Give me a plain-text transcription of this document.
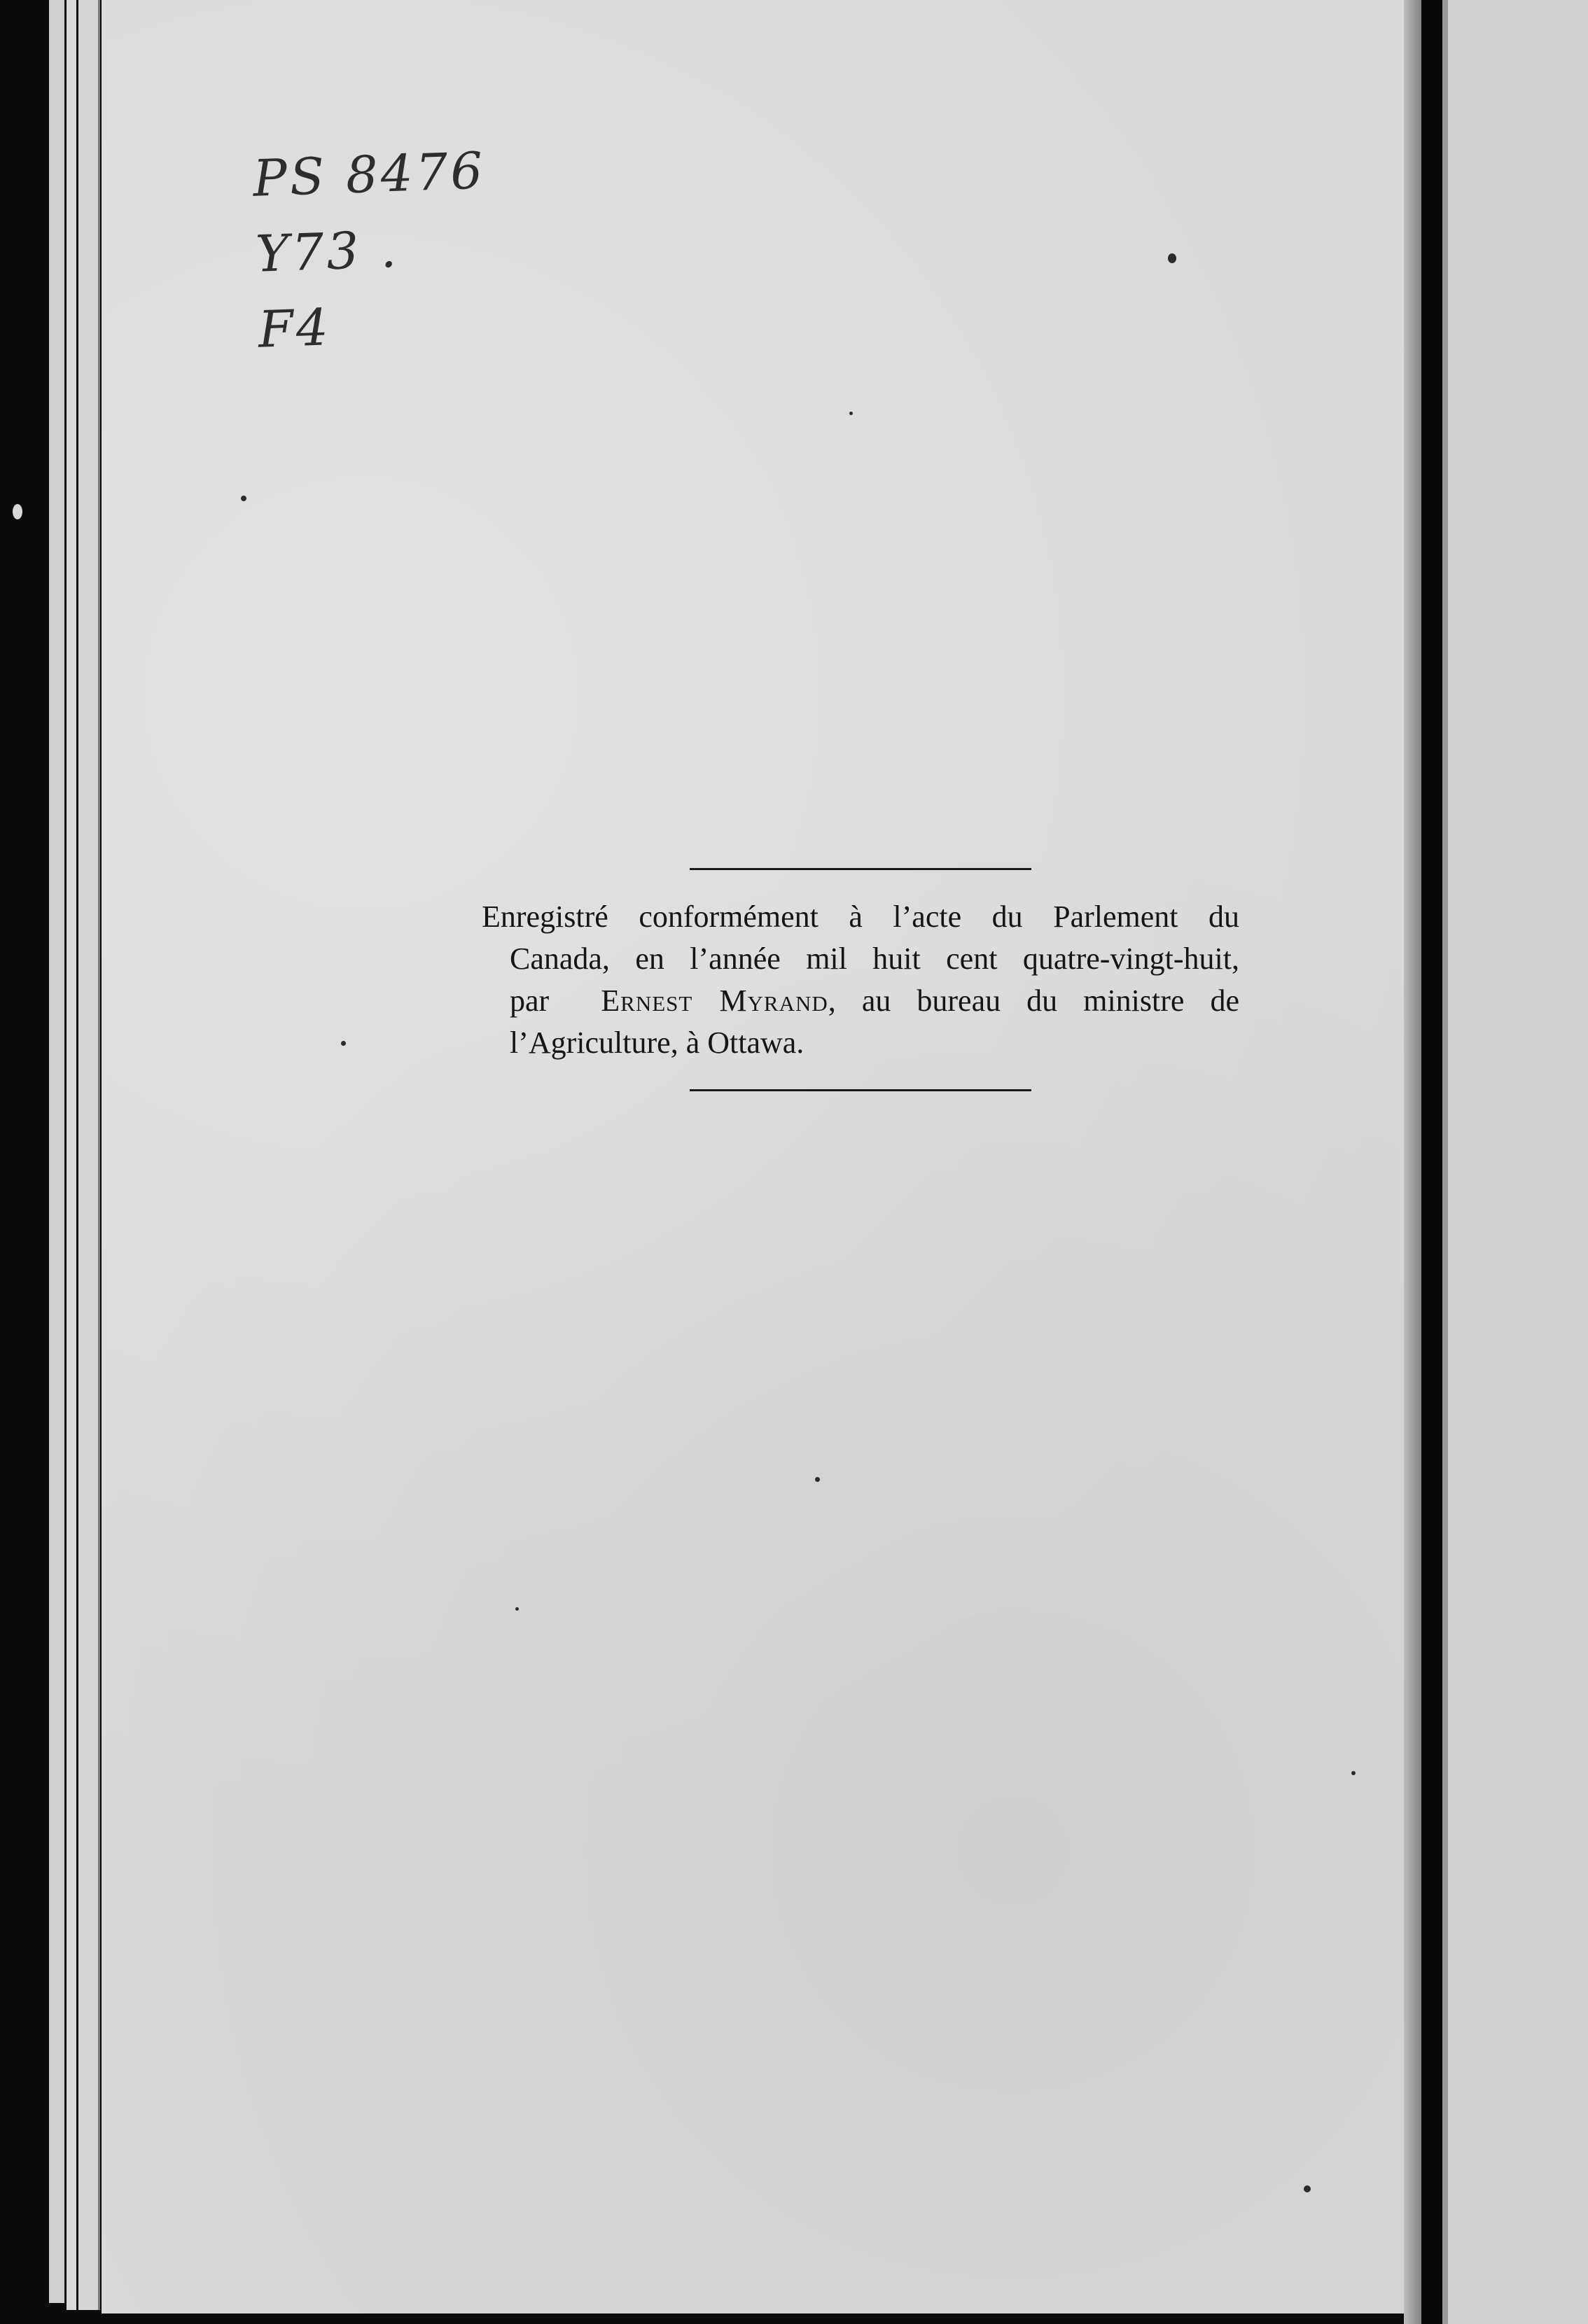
PS 8476
Y73 .
F4

Enregistré conformément à l’acte du Parlement du
Canada, en l’année mil huit cent quatre-vingt-huit,
par Ernest Myrand, au bureau du ministre de
l’Agriculture, à Ottawa.
